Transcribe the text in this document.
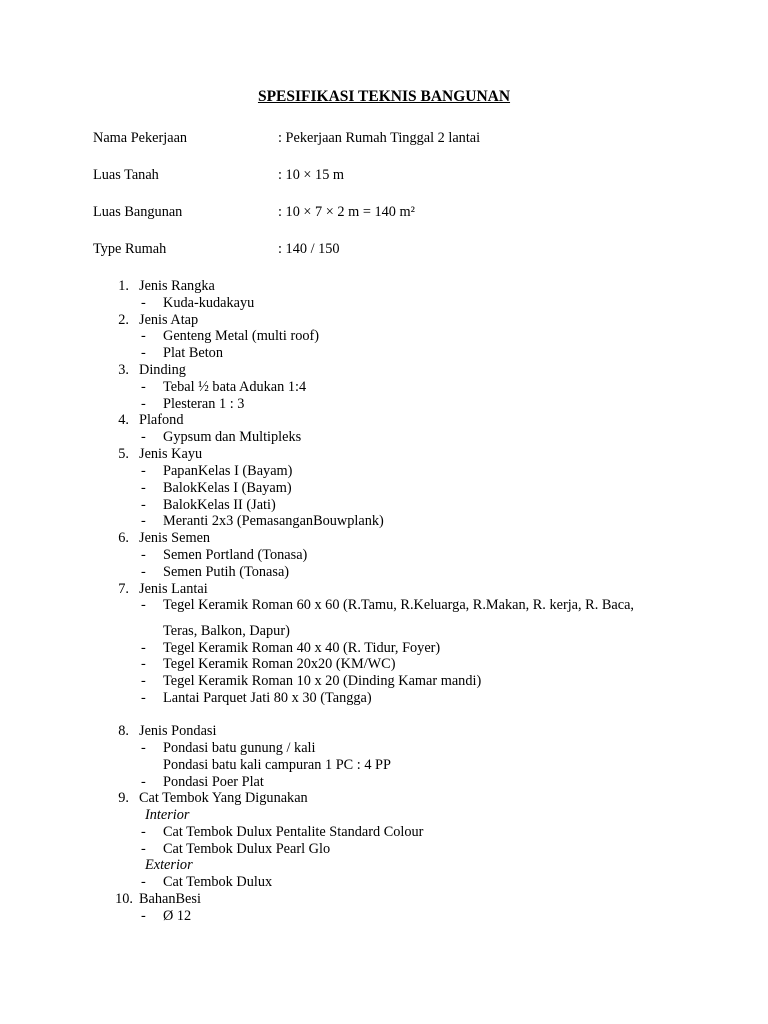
SPESIFIKASI TEKNIS BANGUNAN
Nama Pekerjaan	: Pekerjaan Rumah Tinggal 2 lantai
Luas Tanah	: 10 × 15 m
Luas Bangunan	: 10 × 7 × 2 m = 140 m²
Type Rumah	: 140 / 150
1. Jenis Rangka
- Kuda-kudakayu
2. Jenis Atap
- Genteng Metal (multi roof)
- Plat Beton
3. Dinding
- Tebal ½ bata Adukan 1:4
- Plesteran 1 : 3
4. Plafond
- Gypsum dan Multipleks
5. Jenis Kayu
- PapanKelas I (Bayam)
- BalokKelas I (Bayam)
- BalokKelas II (Jati)
- Meranti 2x3 (PemasanganBouwplank)
6. Jenis Semen
- Semen Portland (Tonasa)
- Semen Putih (Tonasa)
7. Jenis Lantai
- Tegel Keramik Roman 60 x 60 (R.Tamu, R.Keluarga, R.Makan, R. kerja, R. Baca,
Teras, Balkon, Dapur)
- Tegel Keramik Roman 40 x 40 (R. Tidur, Foyer)
- Tegel Keramik Roman 20x20 (KM/WC)
- Tegel Keramik Roman 10 x 20 (Dinding Kamar mandi)
- Lantai Parquet Jati 80 x 30 (Tangga)
8. Jenis Pondasi
- Pondasi batu gunung / kali
Pondasi batu kali campuran 1 PC : 4 PP
- Pondasi Poer Plat
9. Cat Tembok Yang Digunakan
Interior
- Cat Tembok Dulux Pentalite Standard Colour
- Cat Tembok Dulux Pearl Glo
Exterior
- Cat Tembok Dulux
10. BahanBesi
- Ø 12
